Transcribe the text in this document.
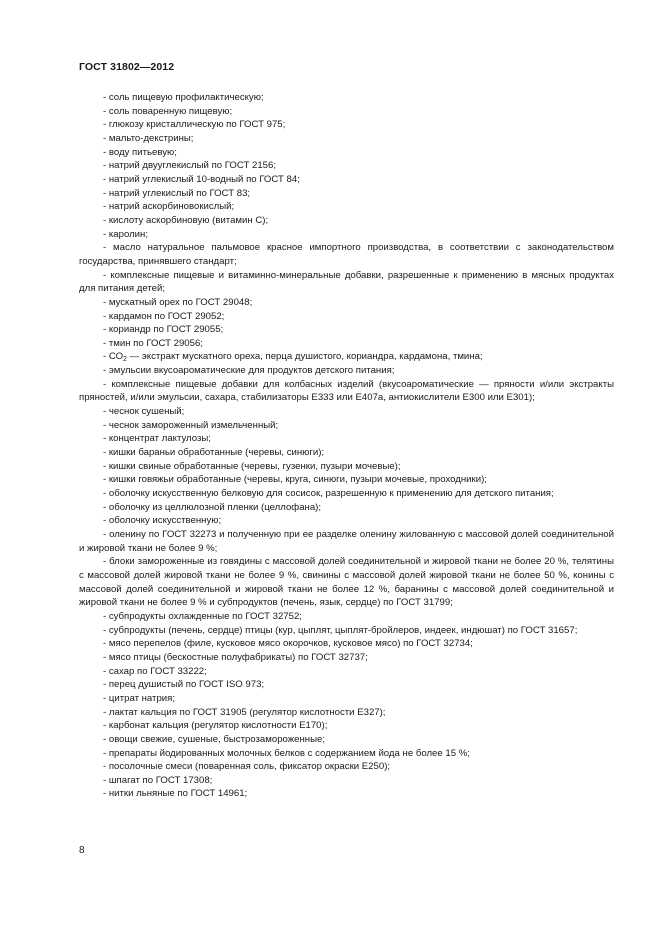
ГОСТ 31802—2012

- соль пищевую профилактическую;

- соль поваренную пищевую;

- глюкозу кристаллическую по ГОСТ 975;

- мальто-декстрины;

- воду питьевую;

- натрий двууглекислый по ГОСТ 2156;

- натрий углекислый 10-водный по ГОСТ 84;

- натрий углекислый по ГОСТ 83;

- натрий аскорбиновокислый;

- кислоту аскорбиновую (витамин С);

- каролин;

- масло натуральное пальмовое красное импортного производства, в соответствии с законодательством государства, принявшего стандарт;

- комплексные пищевые и витаминно-минеральные добавки, разрешенные к применению в мясных продуктах для питания детей;

- мускатный орех по ГОСТ 29048;

- кардамон по ГОСТ 29052;

- кориандр по ГОСТ 29055;

- тмин по ГОСТ 29056;

- $СО_2$ — экстракт мускатного ореха, перца душистого, кориандра, кардамона, тмина;

- эмульсии вкусоароматические для продуктов детского питания;

- комплексные пищевые добавки для колбасных изделий (вкусоароматические — пряности и/или экстракты пряностей, и/или эмульсии, сахара, стабилизаторы Е333 или Е407а, антиокислители Е300 или Е301);

- чеснок сушеный;

- чеснок замороженный измельченный;

- концентрат лактулозы;

- кишки бараньи обработанные (черевы, синюги);

- кишки свиные обработанные (черевы, гузенки, пузыри мочевые);

- кишки говяжьи обработанные (черевы, круга, синюги, пузыри мочевые, проходники);

- оболочку искусственную белковую для сосисок, разрешенную к применению для детского питания;

- оболочку из целлюлозной пленки (целлофана);

- оболочку искусственную;

- оленину по ГОСТ 32273 и полученную при ее разделке оленину жилованную с массовой долей соединительной и жировой ткани не более 9 %;

- блоки замороженные из говядины с массовой долей соединительной и жировой ткани не более 20 %, телятины с массовой долей жировой ткани не более 9 %, свинины с массовой долей жировой ткани не более 50 %, конины с массовой долей соединительной и жировой ткани не более 12 %, баранины с массовой долей соединительной и жировой ткани не более 9 % и субпродуктов (печень, язык, сердце) по ГОСТ 31799;

- субпродукты охлажденные по ГОСТ 32752;

- субпродукты (печень, сердце) птицы (кур, цыплят, цыплят-бройлеров, индеек, индюшат) по ГОСТ 31657;

- мясо перепелов (филе, кусковое мясо окорочков, кусковое мясо) по ГОСТ 32734;

- мясо птицы (бескостные полуфабрикаты) по ГОСТ 32737;

- сахар по ГОСТ 33222;

- перец душистый по ГОСТ ISO 973;

- цитрат натрия;

- лактат кальция по ГОСТ 31905 (регулятор кислотности Е327);

- карбонат кальция (регулятор кислотности Е170);

- овощи свежие, сушеные, быстрозамороженные;

- препараты йодированных молочных белков с содержанием йода не более 15 %;

- посолочные смеси (поваренная соль, фиксатор окраски Е250);

- шпагат по ГОСТ 17308;

- нитки льняные по ГОСТ 14961;

8
